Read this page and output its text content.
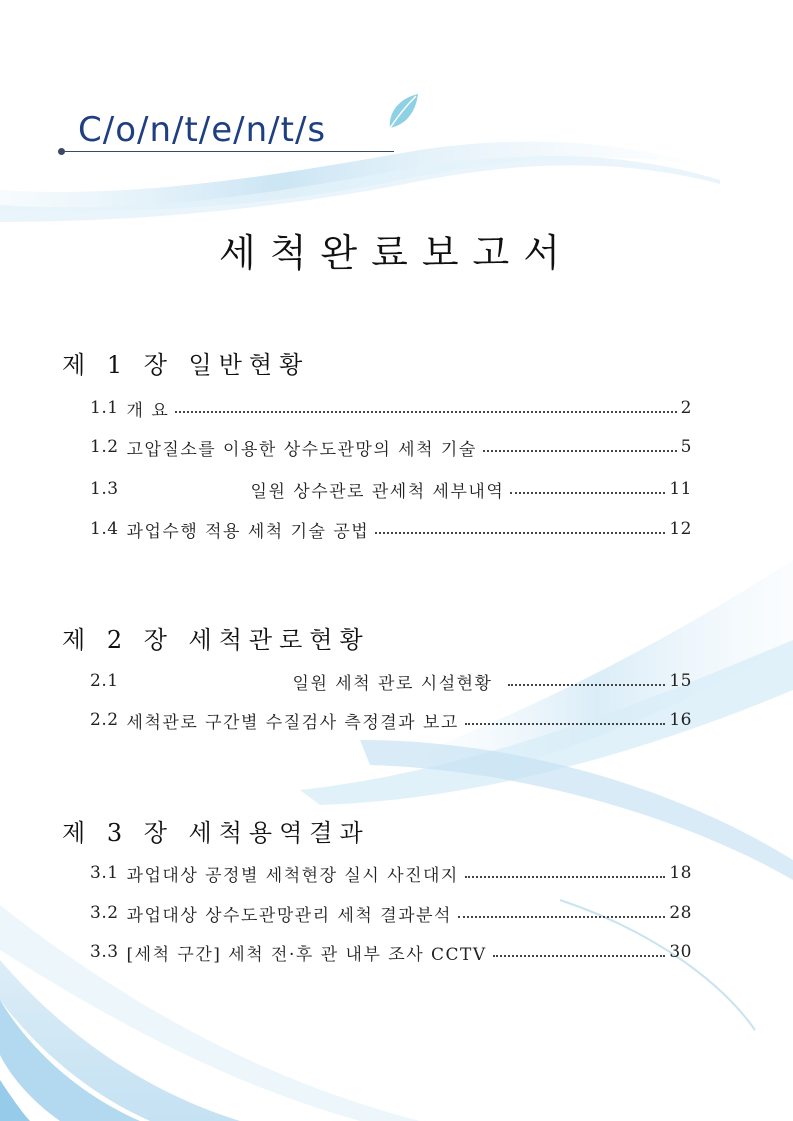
C/o/n/t/e/n/t/s
세척완료보고서
제 1 장 일반현황
1.1 개 요	2
1.2 고압질소를 이용한 상수도관망의 세척 기술	5
1.3	일원 상수관로 관세척 세부내역	11
1.4 과업수행 적용 세척 기술 공법	12
제 2 장 세척관로현황
2.1	일원 세척 관로 시설현황	15
2.2 세척관로 구간별 수질검사 측정결과 보고	16
제 3 장 세척용역결과
3.1 과업대상 공정별 세척현장 실시 사진대지	18
3.2 과업대상 상수도관망관리 세척 결과분석	28
3.3 [세척 구간] 세척 전·후 관 내부 조사 CCTV	30
